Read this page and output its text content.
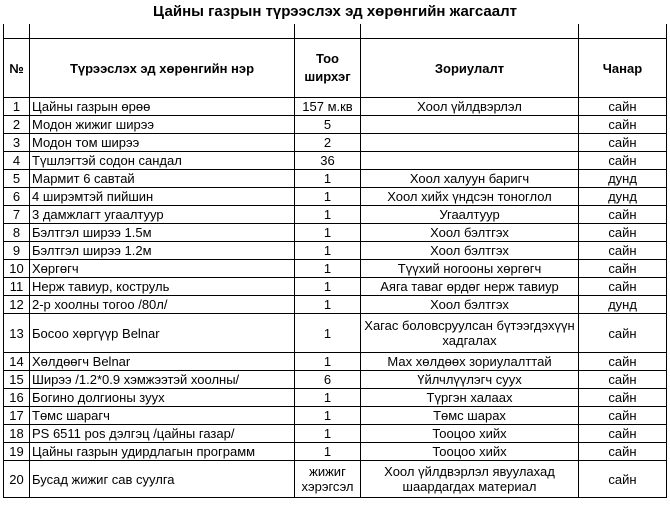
Цайны газрын түрээслэх эд хөрөнгийн жагсаалт

№	Түрээслэх эд хөрөнгийн нэр	Тоо ширхэг	Зориулалт	Чанар
1	Цайны газрын өрөө	157 м.кв	Хоол үйлдвэрлэл	сайн
2	Модон жижиг ширээ	5		сайн
3	Модон том ширээ	2		сайн
4	Түшлэгтэй содон сандал	36		сайн
5	Мармит 6 савтай	1	Хоол халуун баригч	дунд
6	4 ширэмтэй пийшин	1	Хоол хийх үндсэн тоноглол	дунд
7	3 дамжлагт угаалтуур	1	Угаалтуур	сайн
8	Бэлтгэл ширээ 1.5м	1	Хоол бэлтгэх	сайн
9	Бэлтгэл ширээ 1.2м	1	Хоол бэлтгэх	сайн
10	Хөргөгч	1	Түүхий ногооны хөргөгч	сайн
11	Нерж тавиур, коструль	1	Аяга таваг өрдөг нерж тавиур	сайн
12	2-р хоолны тогоо /80л/	1	Хоол бэлтгэх	дунд
13	Босоо хөргүүр Belnar	1	Хагас боловсруулсан бүтээгдэхүүн хадгалах	сайн
14	Хөлдөөгч Belnar	1	Мах хөлдөөх зориулалттай	сайн
15	Ширээ /1.2*0.9 хэмжээтэй хоолны/	6	Үйлчлүүлэгч суух	сайн
16	Богино долгионы зуух	1	Түргэн халаах	сайн
17	Төмс шарагч	1	Төмс шарах	сайн
18	PS 6511 pos дэлгэц /цайны газар/	1	Тооцоо хийх	сайн
19	Цайны газрын удирдлагын программ	1	Тооцоо хийх	сайн
20	Бусад жижиг сав суулга	жижиг хэрэгсэл	Хоол үйлдвэрлэл явуулахад шаардагдах материал	сайн
